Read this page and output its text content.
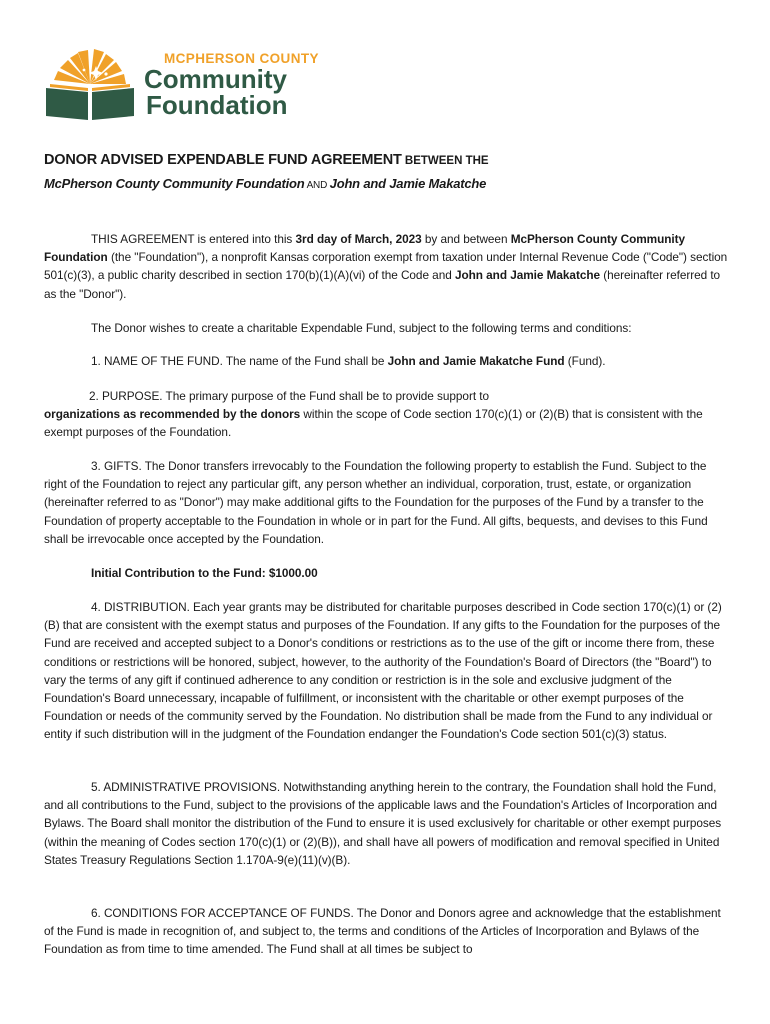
MCPHERSON COUNTY
Community
Foundation
DONOR ADVISED EXPENDABLE FUND AGREEMENT BETWEEN THE
McPherson County Community Foundation AND John and Jamie Makatche

THIS AGREEMENT is entered into this 3rd day of March, 2023 by and between McPherson County Community Foundation (the "Foundation"), a nonprofit Kansas corporation exempt from taxation under Internal Revenue Code ("Code") section 501(c)(3), a public charity described in section 170(b)(1)(A)(vi) of the Code and John and Jamie Makatche (hereinafter referred to as the "Donor").

The Donor wishes to create a charitable Expendable Fund, subject to the following terms and conditions:

1. NAME OF THE FUND. The name of the Fund shall be John and Jamie Makatche Fund (Fund).

2. PURPOSE. The primary purpose of the Fund shall be to provide support to
organizations as recommended by the donors within the scope of Code section 170(c)(1) or (2)(B) that is consistent with the exempt purposes of the Foundation.

3. GIFTS. The Donor transfers irrevocably to the Foundation the following property to establish the Fund. Subject to the right of the Foundation to reject any particular gift, any person whether an individual, corporation, trust, estate, or organization (hereinafter referred to as "Donor") may make additional gifts to the Foundation for the purposes of the Fund by a transfer to the Foundation of property acceptable to the Foundation in whole or in part for the Fund. All gifts, bequests, and devises to this Fund shall be irrevocable once accepted by the Foundation.

Initial Contribution to the Fund: $1000.00

4. DISTRIBUTION. Each year grants may be distributed for charitable purposes described in Code section 170(c)(1) or (2)(B) that are consistent with the exempt status and purposes of the Foundation. If any gifts to the Foundation for the purposes of the Fund are received and accepted subject to a Donor's conditions or restrictions as to the use of the gift or income there from, these conditions or restrictions will be honored, subject, however, to the authority of the Foundation's Board of Directors (the "Board") to vary the terms of any gift if continued adherence to any condition or restriction is in the sole and exclusive judgment of the Foundation's Board unnecessary, incapable of fulfillment, or inconsistent with the charitable or other exempt purposes of the Foundation or needs of the community served by the Foundation. No distribution shall be made from the Fund to any individual or entity if such distribution will in the judgment of the Foundation endanger the Foundation's Code section 501(c)(3) status.

5. ADMINISTRATIVE PROVISIONS. Notwithstanding anything herein to the contrary, the Foundation shall hold the Fund, and all contributions to the Fund, subject to the provisions of the applicable laws and the Foundation's Articles of Incorporation and Bylaws. The Board shall monitor the distribution of the Fund to ensure it is used exclusively for charitable or other exempt purposes (within the meaning of Codes section 170(c)(1) or (2)(B)), and shall have all powers of modification and removal specified in United States Treasury Regulations Section 1.170A-9(e)(11)(v)(B).

6. CONDITIONS FOR ACCEPTANCE OF FUNDS. The Donor and Donors agree and acknowledge that the establishment of the Fund is made in recognition of, and subject to, the terms and conditions of the Articles of Incorporation and Bylaws of the Foundation as from time to time amended. The Fund shall at all times be subject to
